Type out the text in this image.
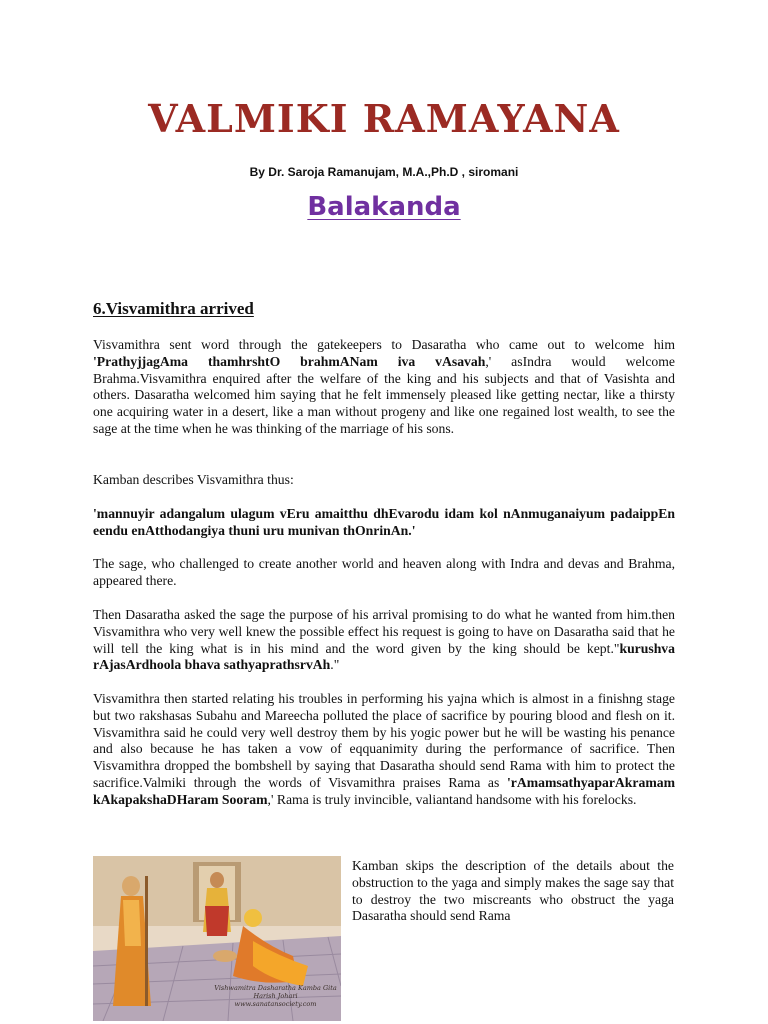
VALMIKI RAMAYANA
By Dr. Saroja Ramanujam, M.A.,Ph.D , siromani
Balakanda
6.Visvamithra arrived

Visvamithra sent word through the gatekeepers to Dasaratha who came out to welcome him 'PrathyjjagAma thamhrshtO brahmANam iva vAsavah,' asIndra would welcome Brahma.Visvamithra enquired after the welfare of the king and his subjects and that of Vasishta and others. Dasaratha welcomed him saying that he felt immensely pleased like getting nectar, like a thirsty one acquiring water in a desert, like a man without progeny and like one regained lost wealth, to see the sage at the time when he was thinking of the marriage of his sons.

Kamban describes Visvamithra thus:

'mannuyir adangalum ulagum vEru amaitthu dhEvarodu idam kol nAnmuganaiyum padaippEn eendu enAtthodangiya thuni uru munivan thOnrinAn.'

The sage, who challenged to create another world and heaven along with Indra and devas and Brahma, appeared there.

Then Dasaratha asked the sage the purpose of his arrival promising to do what he wanted from him.then Visvamithra who very well knew the possible effect his request is going to have on Dasaratha said that he will tell the king what is in his mind and the word given by the king should be kept."kurushva rAjasArdhoola bhava sathyaprathsrvAh."

Visvamithra then started relating his troubles in performing his yajna which is almost in a finishng stage but two rakshasas Subahu and Mareecha polluted the place of sacrifice by pouring blood and flesh on it. Visvamithra said he could very well destroy them by his yogic power but he will be wasting his penance and also because he has taken a vow of eqquanimity during the performance of sacrifice. Then Visvamithra dropped the bombshell by saying that Dasaratha should send Rama with him to protect the sacrifice.Valmiki through the words of Visvamithra praises Rama as 'rAmamsathyaparAkramam kAkapakshaDHaram Sooram,' Rama is truly invincible, valiantand handsome with his forelocks.

Vishwamitra Dasharatha Kamba Gita
Harish Johari
www.sanatansociety.com

Kamban skips the description of the details about the obstruction to the yaga and simply makes the sage say that to destroy the two miscreants who obstruct the yaga Dasaratha should send Rama
